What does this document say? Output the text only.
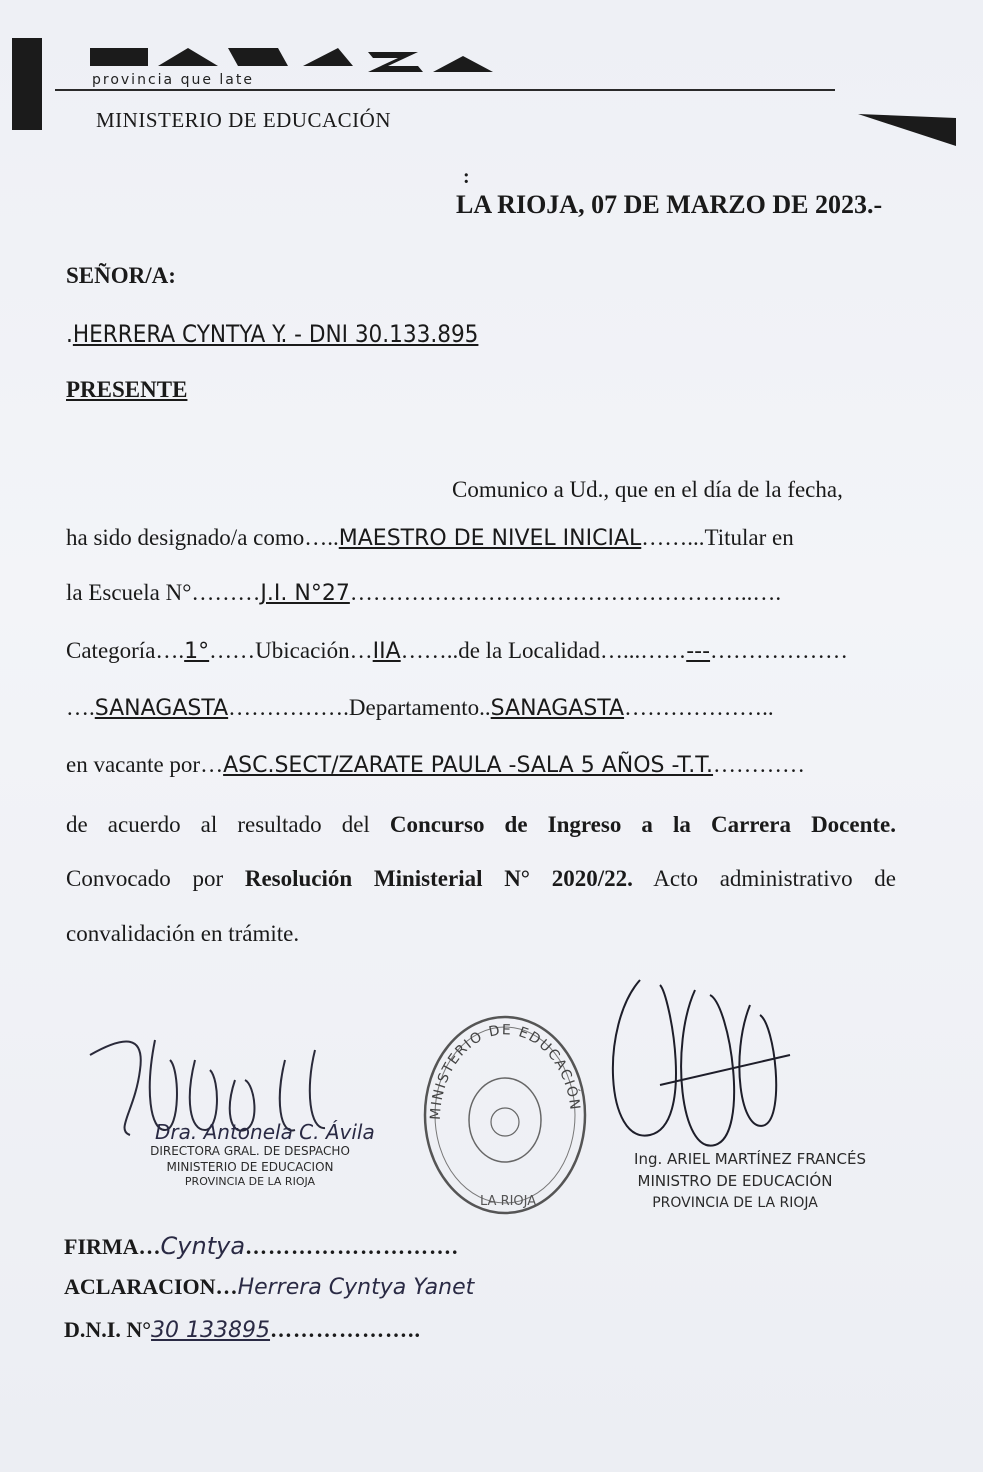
provincia que late
MINISTERIO DE EDUCACIÓN
:
LA RIOJA, 07 DE MARZO DE 2023.-
SEÑOR/A:
.HERRERA CYNTYA Y. - DNI 30.133.895
PRESENTE
Comunico a Ud., que en el día de la fecha,
ha sido designado/a como…..MAESTRO DE NIVEL INICIAL……...Titular en
la Escuela N°………J.I. N°27……………………………………………..….
Categoría….1°……Ubicación…IIA……..de la Localidad…...……---………………
….SANAGASTA…………….Departamento..SANAGASTA………………..
en vacante por…ASC.SECT/ZARATE PAULA -SALA 5 AÑOS -T.T.…………
de acuerdo al resultado del Concurso de Ingreso a la Carrera Docente.
Convocado por Resolución Ministerial N° 2020/22. Acto administrativo de
convalidación en trámite.
Dra. Antonela C. Ávila
DIRECTORA GRAL. DE DESPACHO
MINISTERIO DE EDUCACION
PROVINCIA DE LA RIOJA
MINISTERIO DE EDUCACIÓN
LA RIOJA
Ing. ARIEL MARTÍNEZ FRANCÉS
MINISTRO DE EDUCACIÓN
PROVINCIA DE LA RIOJA
FIRMA…Cyntya……………………….
ACLARACION…Herrera Cyntya Yanet
D.N.I. N°30 133895………………..
